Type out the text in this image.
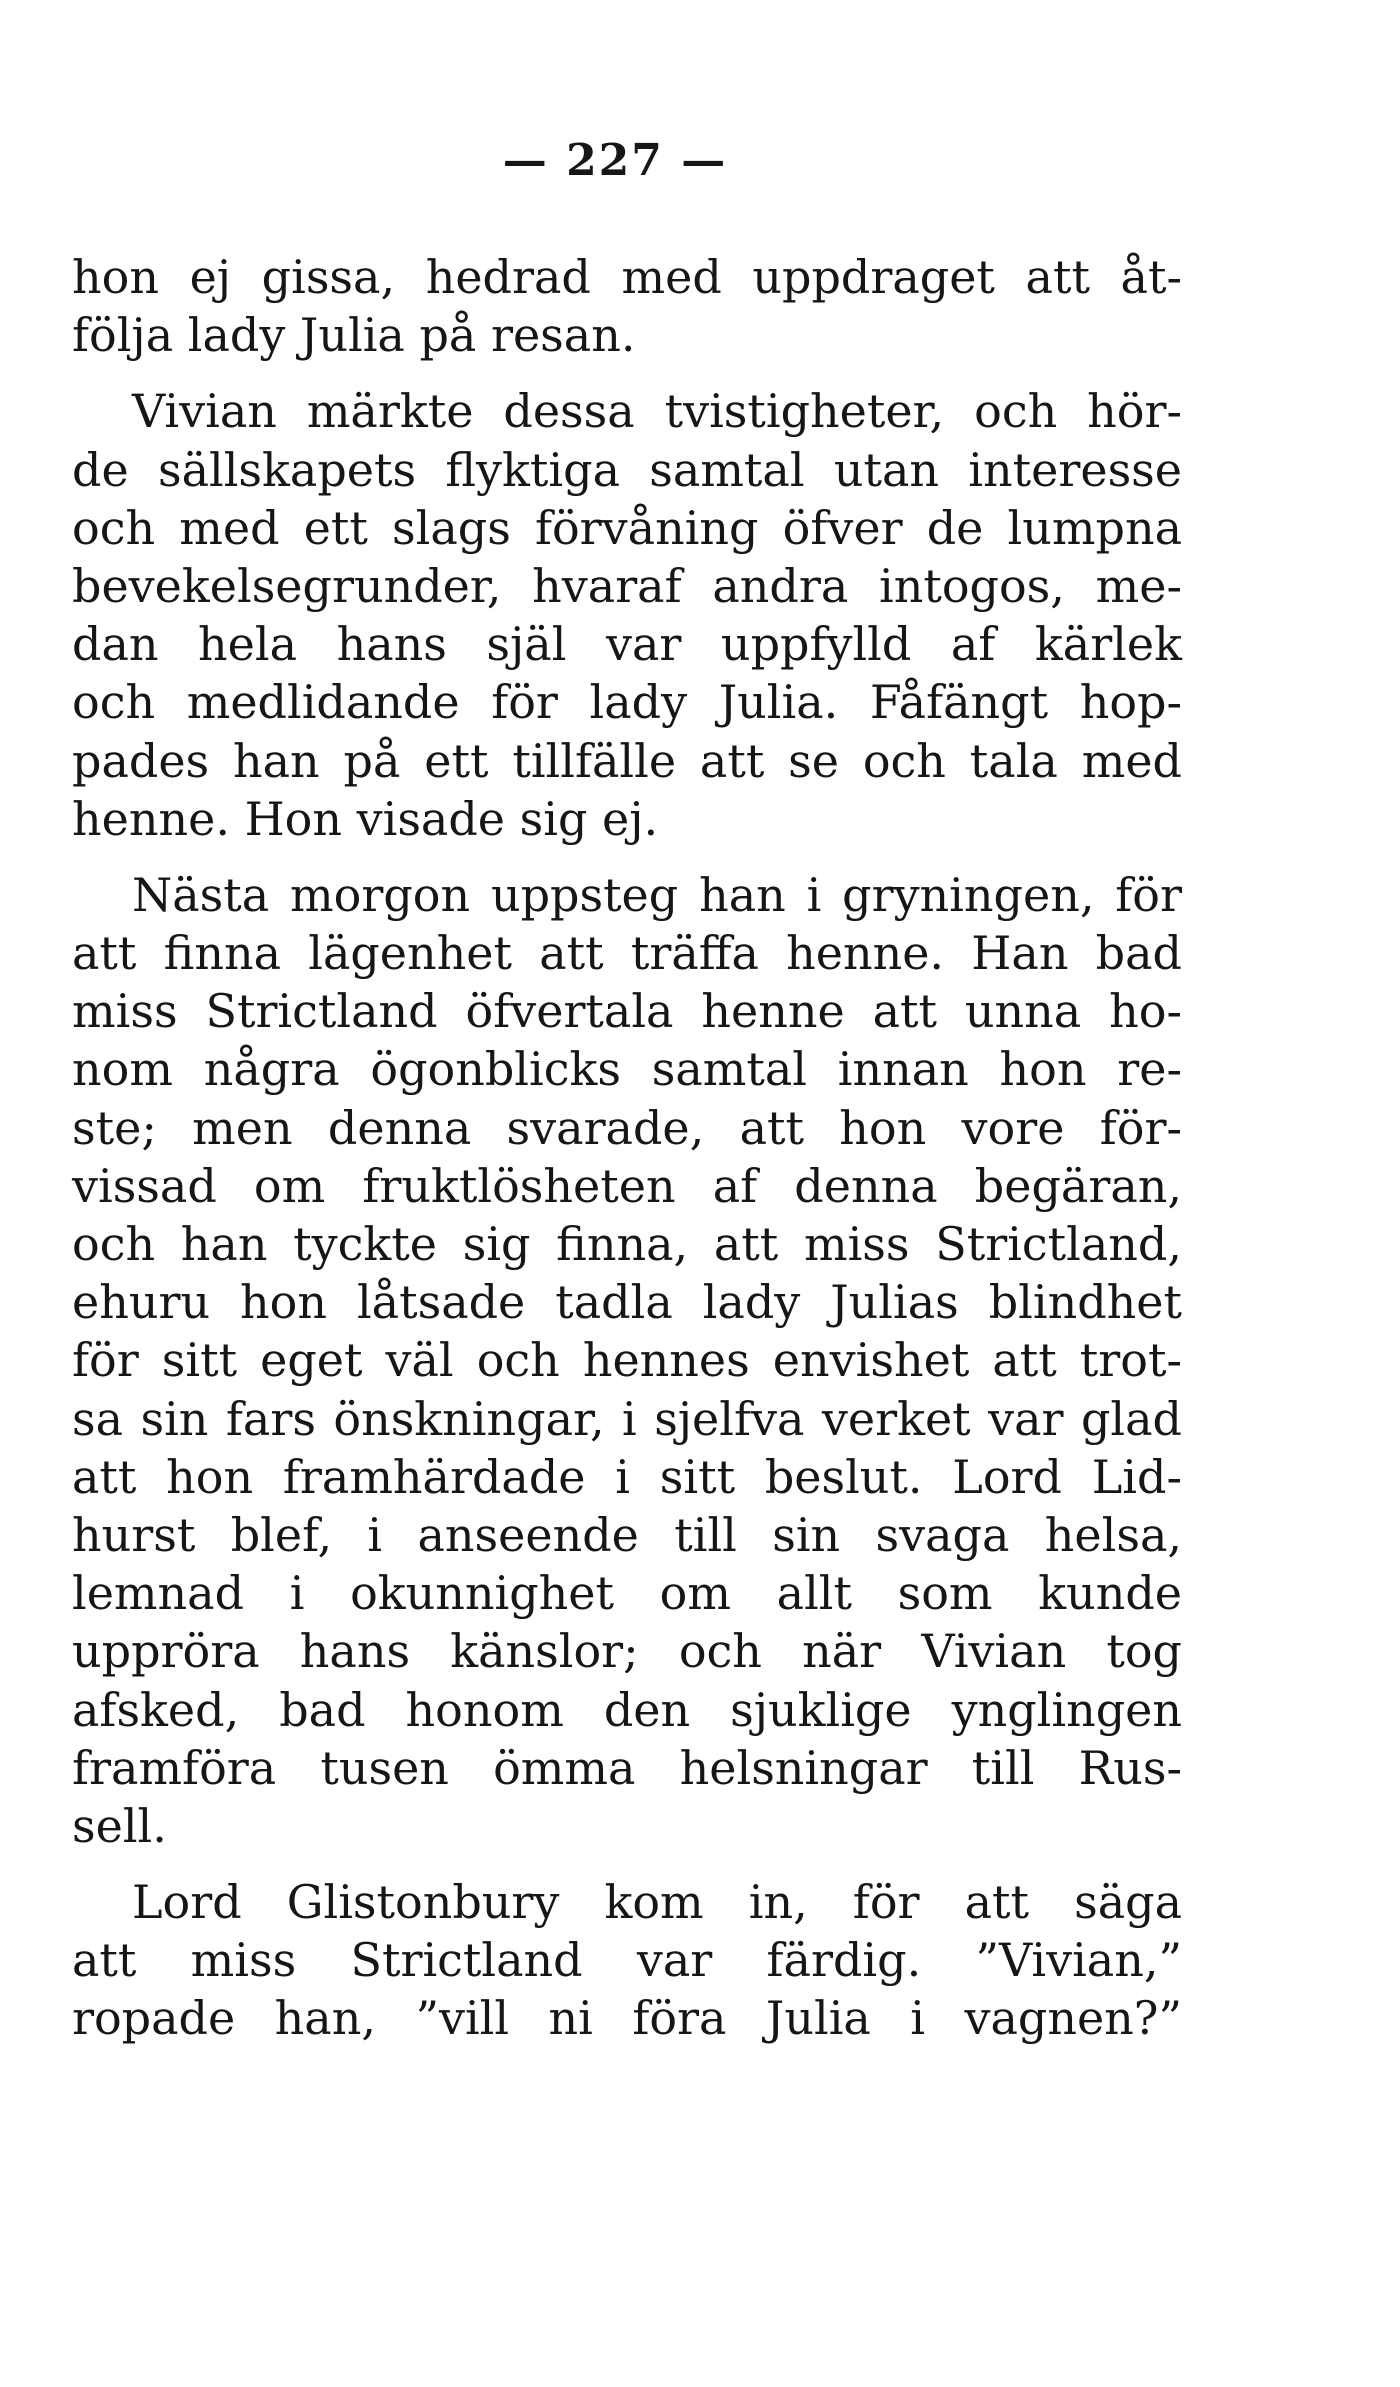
— 227 —
hon ej gissa, hedrad med uppdraget att åt-
följa lady Julia på resan.
Vivian märkte dessa tvistigheter, och hör-
de sällskapets flyktiga samtal utan interesse
och med ett slags förvåning öfver de lumpna
bevekelsegrunder, hvaraf andra intogos, me-
dan hela hans själ var uppfylld af kärlek
och medlidande för lady Julia. Fåfängt hop-
pades han på ett tillfälle att se och tala med
henne. Hon visade sig ej.
Nästa morgon uppsteg han i gryningen, för
att finna lägenhet att träffa henne. Han bad
miss Strictland öfvertala henne att unna ho-
nom några ögonblicks samtal innan hon re-
ste; men denna svarade, att hon vore för-
vissad om fruktlösheten af denna begäran,
och han tyckte sig finna, att miss Strictland,
ehuru hon låtsade tadla lady Julias blindhet
för sitt eget väl och hennes envishet att trot-
sa sin fars önskningar, i sjelfva verket var glad
att hon framhärdade i sitt beslut. Lord Lid-
hurst blef, i anseende till sin svaga helsa,
lemnad i okunnighet om allt som kunde
uppröra hans känslor; och när Vivian tog
afsked, bad honom den sjuklige ynglingen
framföra tusen ömma helsningar till Rus-
sell.
Lord Glistonbury kom in, för att säga
att miss Strictland var färdig. ”Vivian,”
ropade han, ”vill ni föra Julia i vagnen?”
